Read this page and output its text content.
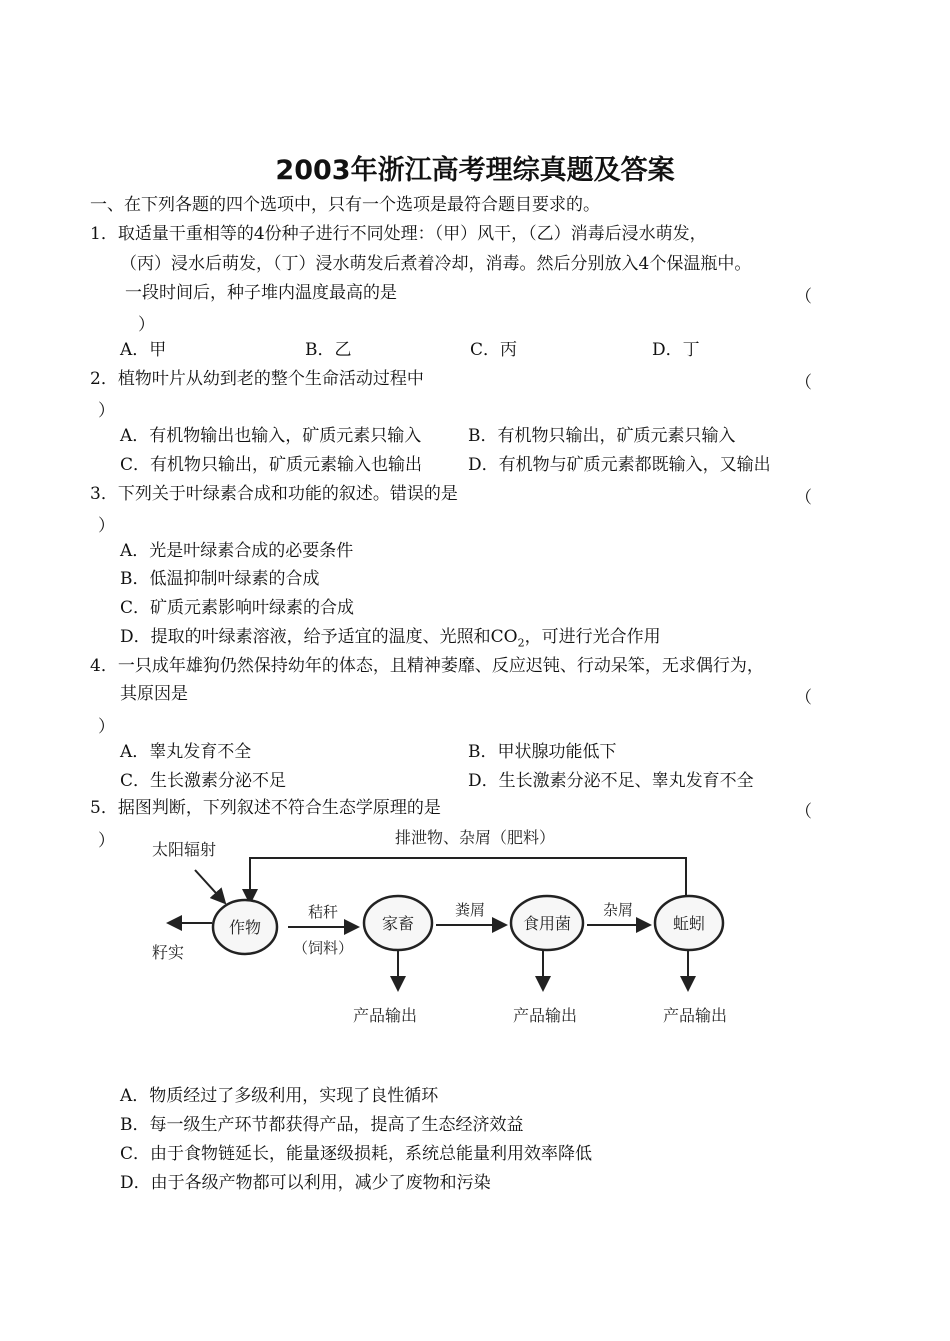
2003年浙江高考理综真题及答案
一、在下列各题的四个选项中，只有一个选项是最符合题目要求的。
1．取适量干重相等的4份种子进行不同处理：（甲）风干，（乙）消毒后浸水萌发，
（丙）浸水后萌发，（丁）浸水萌发后煮着冷却，消毒。然后分别放入4个保温瓶中。
一段时间后，种子堆内温度最高的是	（
）
A．甲	B．乙	C．丙	D．丁
2．植物叶片从幼到老的整个生命活动过程中	（
）
A．有机物输出也输入，矿质元素只输入	B．有机物只输出，矿质元素只输入
C．有机物只输出，矿质元素输入也输出	D．有机物与矿质元素都既输入，又输出
3．下列关于叶绿素合成和功能的叙述。错误的是	（
）
A．光是叶绿素合成的必要条件
B．低温抑制叶绿素的合成
C．矿质元素影响叶绿素的合成
D．提取的叶绿素溶液，给予适宜的温度、光照和$CO_2$，可进行光合作用
4．一只成年雄狗仍然保持幼年的体态，且精神萎靡、反应迟钝、行动呆笨，无求偶行为，
其原因是	（
）
A．睾丸发育不全	B．甲状腺功能低下
C．生长激素分泌不足	D．生长激素分泌不足、睾丸发育不全
5．据图判断，下列叙述不符合生态学原理的是	（
）	排泄物、杂屑（肥料）
太阳辐射
籽实
作物	家畜	食用菌	蚯蚓
秸秆
（饲料）
粪屑	杂屑
产品输出	产品输出	产品输出
A．物质经过了多级利用，实现了良性循环
B．每一级生产环节都获得产品，提高了生态经济效益
C．由于食物链延长，能量逐级损耗，系统总能量利用效率降低
D．由于各级产物都可以利用，减少了废物和污染
